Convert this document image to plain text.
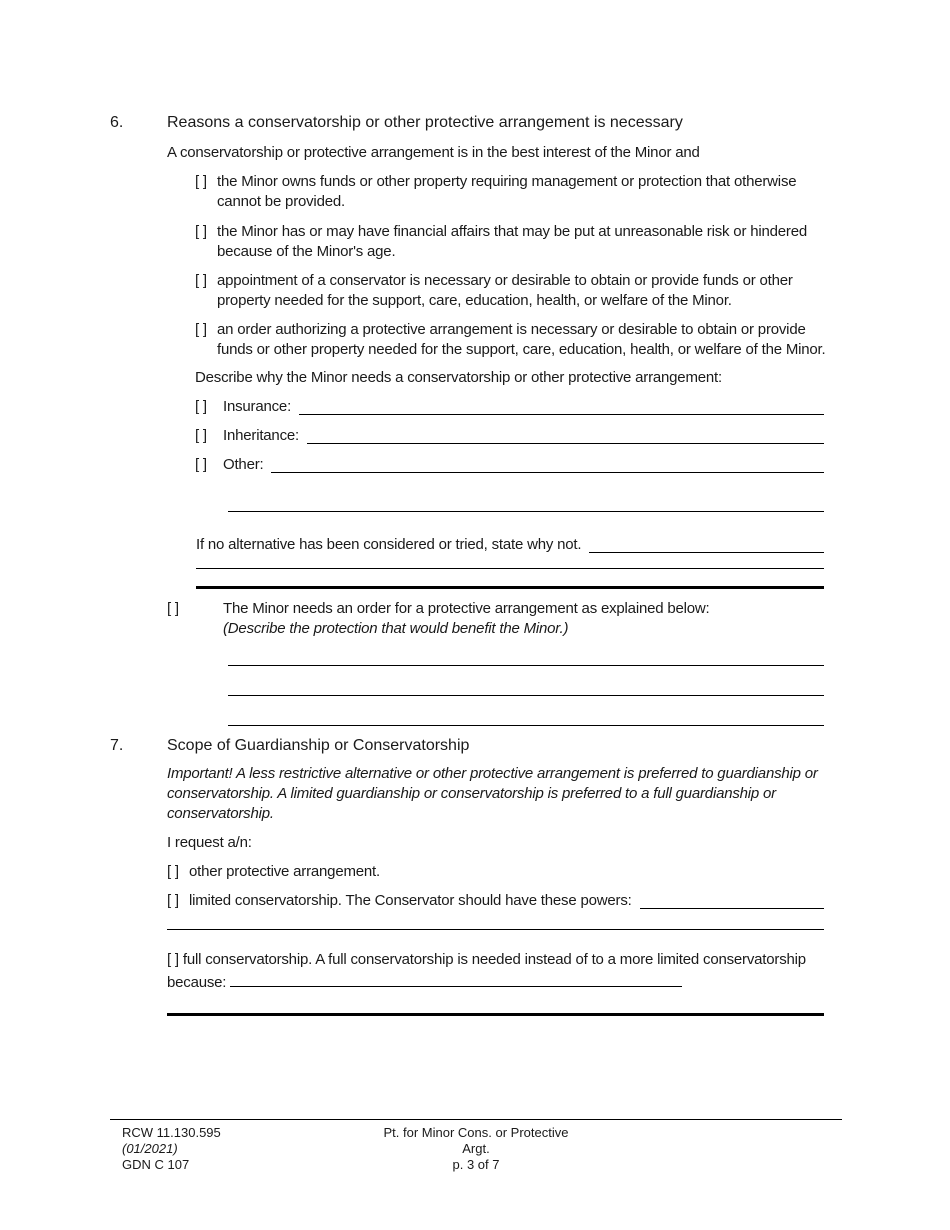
6.	Reasons a conservatorship or other protective arrangement is necessary

A conservatorship or protective arrangement is in the best interest of the Minor and

[ ] the Minor owns funds or other property requiring management or protection that otherwise cannot be provided.
[ ] the Minor has or may have financial affairs that may be put at unreasonable risk or hindered because of the Minor's age.
[ ] appointment of a conservator is necessary or desirable to obtain or provide funds or other property needed for the support, care, education, health, or welfare of the Minor.
[ ] an order authorizing a protective arrangement is necessary or desirable to obtain or provide funds or other property needed for the support, care, education, health, or welfare of the Minor.

Describe why the Minor needs a conservatorship or other protective arrangement:

[ ]	Insurance:
[ ]	Inheritance:
[ ]	Other:
If no alternative has been considered or tried, state why not.
[ ]	The Minor needs an order for a protective arrangement as explained below:
(Describe the protection that would benefit the Minor.)
7.	Scope of Guardianship or Conservatorship

Important! A less restrictive alternative or other protective arrangement is preferred to guardianship or conservatorship. A limited guardianship or conservatorship is preferred to a full guardianship or conservatorship.

I request a/n:

[ ] other protective arrangement.
[ ] limited conservatorship. The Conservator should have these powers:

[ ] full conservatorship. A full conservatorship is needed instead of to a more limited conservatorship because:

RCW 11.130.595
(01/2021)
GDN C 107
Pt. for Minor Cons. or Protective
Argt.
p. 3 of 7
